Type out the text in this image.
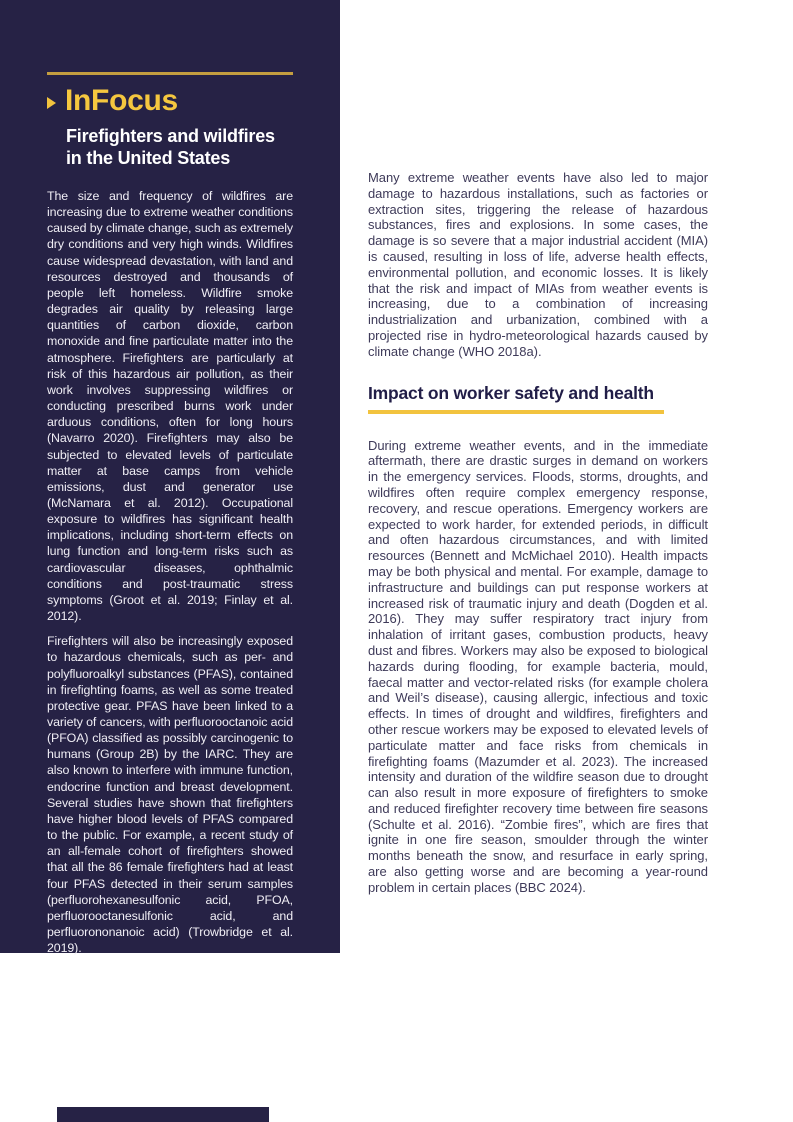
InFocus
Firefighters and wildfires
in the United States

The size and frequency of wildfires are increasing due to extreme weather conditions caused by climate change, such as extremely dry conditions and very high winds. Wildfires cause widespread devastation, with land and resources destroyed and thousands of people left homeless. Wildfire smoke degrades air quality by releasing large quantities of carbon dioxide, carbon monoxide and fine particulate matter into the atmosphere. Firefighters are particularly at risk of this hazardous air pollution, as their work involves suppressing wildfires or conducting prescribed burns work under arduous conditions, often for long hours (Navarro 2020). Firefighters may also be subjected to elevated levels of particulate matter at base camps from vehicle emissions, dust and generator use (McNamara et al. 2012). Occupational exposure to wildfires has significant health implications, including short-term effects on lung function and long-term risks such as cardiovascular diseases, ophthalmic conditions and post-traumatic stress symptoms (Groot et al. 2019; Finlay et al. 2012).

Firefighters will also be increasingly exposed to hazardous chemicals, such as per- and polyfluoroalkyl substances (PFAS), contained in firefighting foams, as well as some treated protective gear. PFAS have been linked to a variety of cancers, with perfluorooctanoic acid (PFOA) classified as possibly carcinogenic to humans (Group 2B) by the IARC. They are also known to interfere with immune function, endocrine function and breast development. Several studies have shown that firefighters have higher blood levels of PFAS compared to the public. For example, a recent study of an all-female cohort of firefighters showed that all the 86 female firefighters had at least four PFAS detected in their serum samples (perfluorohexanesulfonic acid, PFOA, perfluorooctanesulfonic acid, and perfluorononanoic acid) (Trowbridge et al. 2019).

Many extreme weather events have also led to major damage to hazardous installations, such as factories or extraction sites, triggering the release of hazardous substances, fires and explosions. In some cases, the damage is so severe that a major industrial accident (MIA) is caused, resulting in loss of life, adverse health effects, environmental pollution, and economic losses. It is likely that the risk and impact of MIAs from weather events is increasing, due to a combination of increasing industrialization and urbanization, combined with a projected rise in hydro-meteorological hazards caused by climate change (WHO 2018a).

Impact on worker safety and health

During extreme weather events, and in the immediate aftermath, there are drastic surges in demand on workers in the emergency services. Floods, storms, droughts, and wildfires often require complex emergency response, recovery, and rescue operations. Emergency workers are expected to work harder, for extended periods, in difficult and often hazardous circumstances, and with limited resources (Bennett and McMichael 2010). Health impacts may be both physical and mental. For example, damage to infrastructure and buildings can put response workers at increased risk of traumatic injury and death (Dogden et al. 2016). They may suffer respiratory tract injury from inhalation of irritant gases, combustion products, heavy dust and fibres. Workers may also be exposed to biological hazards during flooding, for example bacteria, mould, faecal matter and vector-related risks (for example cholera and Weil’s disease), causing allergic, infectious and toxic effects. In times of drought and wildfires, firefighters and other rescue workers may be exposed to elevated levels of particulate matter and face risks from chemicals in firefighting foams (Mazumder et al. 2023). The increased intensity and duration of the wildfire season due to drought can also result in more exposure of firefighters to smoke and reduced firefighter recovery time between fire seasons (Schulte et al. 2016). “Zombie fires”, which are fires that ignite in one fire season, smoulder through the winter months beneath the snow, and resurface in early spring, are also getting worse and are becoming a year-round problem in certain places (BBC 2024).
